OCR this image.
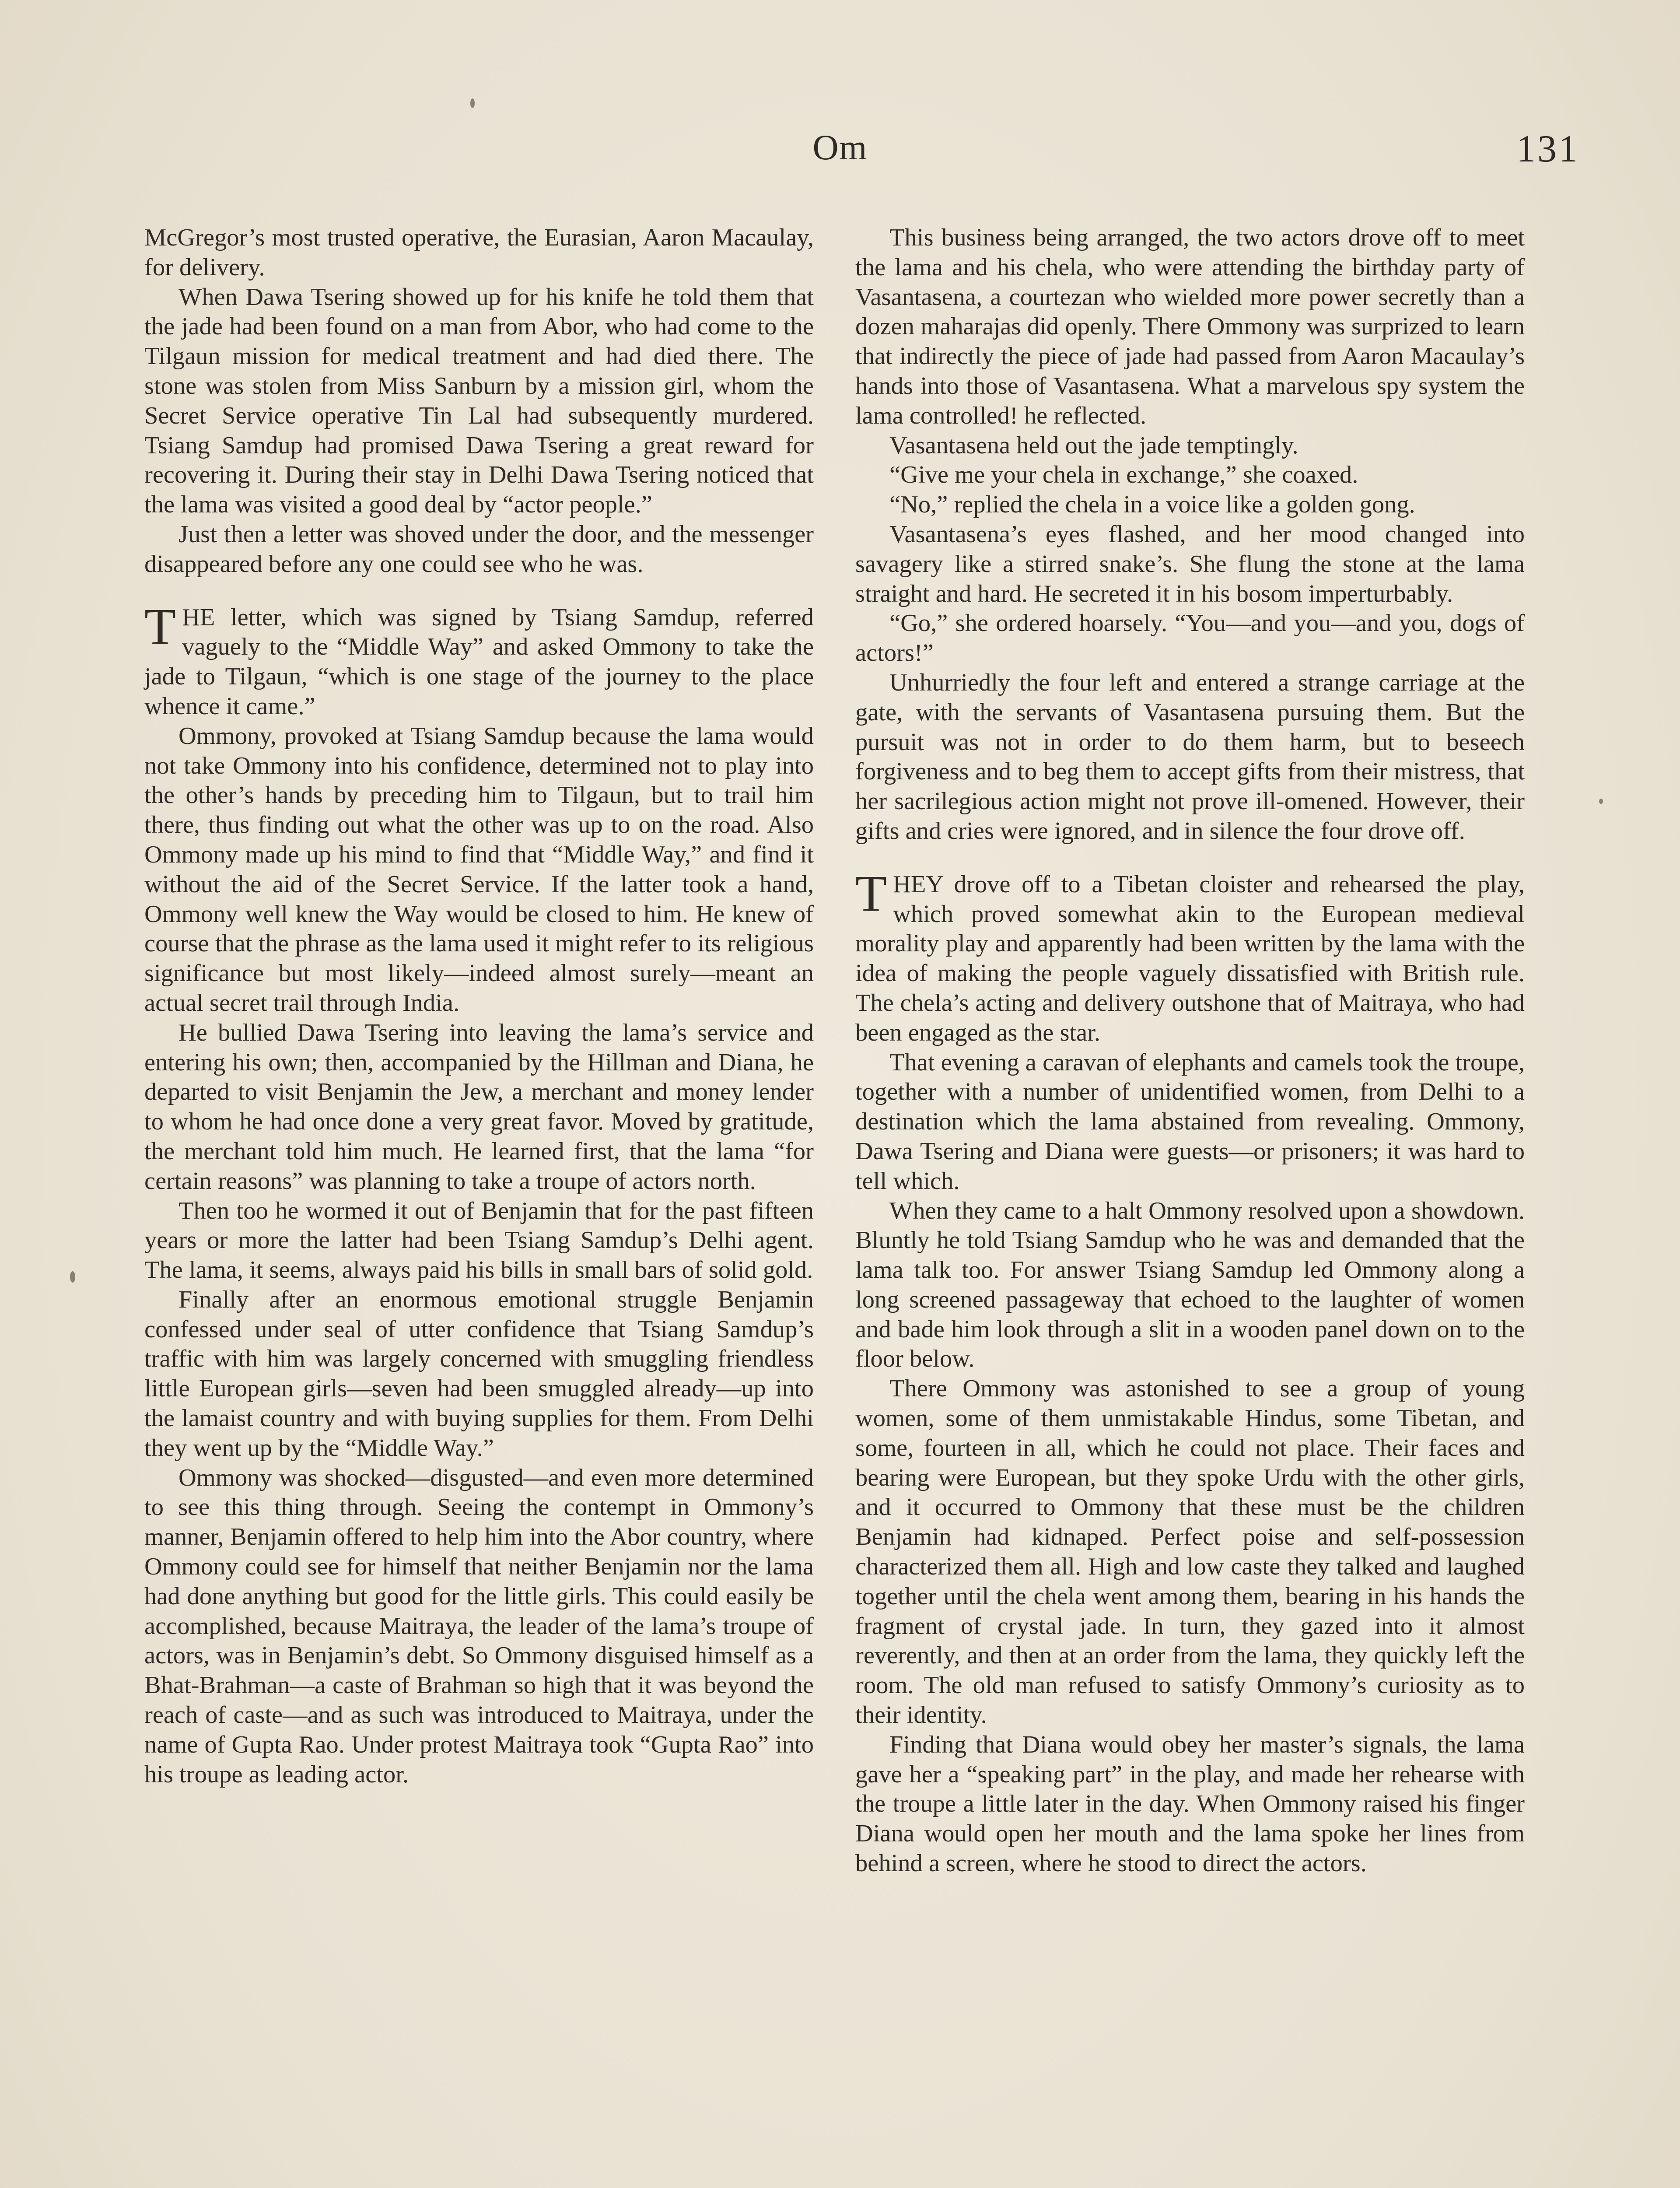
Om	131

McGregor’s most trusted operative, the Eurasian, Aaron Macaulay, for delivery.

When Dawa Tsering showed up for his knife he told them that the jade had been found on a man from Abor, who had come to the Tilgaun mission for medical treatment and had died there. The stone was stolen from Miss Sanburn by a mission girl, whom the Secret Service operative Tin Lal had subsequently murdered. Tsiang Samdup had promised Dawa Tsering a great reward for recovering it. During their stay in Delhi Dawa Tsering noticed that the lama was visited a good deal by “actor people.”

Just then a letter was shoved under the door, and the messenger disappeared before any one could see who he was.

THE letter, which was signed by Tsiang Samdup, referred vaguely to the “Middle Way” and asked Ommony to take the jade to Tilgaun, “which is one stage of the journey to the place whence it came.”

Ommony, provoked at Tsiang Samdup because the lama would not take Ommony into his confidence, determined not to play into the other’s hands by preceding him to Tilgaun, but to trail him there, thus finding out what the other was up to on the road. Also Ommony made up his mind to find that “Middle Way,” and find it without the aid of the Secret Service. If the latter took a hand, Ommony well knew the Way would be closed to him. He knew of course that the phrase as the lama used it might refer to its religious significance but most likely—indeed almost surely—meant an actual secret trail through India.

He bullied Dawa Tsering into leaving the lama’s service and entering his own; then, accompanied by the Hillman and Diana, he departed to visit Benjamin the Jew, a merchant and money lender to whom he had once done a very great favor. Moved by gratitude, the merchant told him much. He learned first, that the lama “for certain reasons” was planning to take a troupe of actors north.

Then too he wormed it out of Benjamin that for the past fifteen years or more the latter had been Tsiang Samdup’s Delhi agent. The lama, it seems, always paid his bills in small bars of solid gold.

Finally after an enormous emotional struggle Benjamin confessed under seal of utter confidence that Tsiang Samdup’s traffic with him was largely concerned with smuggling friendless little European girls—seven had been smuggled already—up into the lamaist country and with buying supplies for them. From Delhi they went up by the “Middle Way.”

Ommony was shocked—disgusted—and even more determined to see this thing through. Seeing the contempt in Ommony’s manner, Benjamin offered to help him into the Abor country, where Ommony could see for himself that neither Benjamin nor the lama had done anything but good for the little girls. This could easily be accomplished, because Maitraya, the leader of the lama’s troupe of actors, was in Benjamin’s debt. So Ommony disguised himself as a Bhat-Brahman—a caste of Brahman so high that it was beyond the reach of caste—and as such was introduced to Maitraya, under the name of Gupta Rao. Under protest Maitraya took “Gupta Rao” into his troupe as leading actor.

This business being arranged, the two actors drove off to meet the lama and his chela, who were attending the birthday party of Vasantasena, a courtezan who wielded more power secretly than a dozen maharajas did openly. There Ommony was surprized to learn that indirectly the piece of jade had passed from Aaron Macaulay’s hands into those of Vasantasena. What a marvelous spy system the lama controlled! he reflected.

Vasantasena held out the jade temptingly.

“Give me your chela in exchange,” she coaxed.

“No,” replied the chela in a voice like a golden gong.

Vasantasena’s eyes flashed, and her mood changed into savagery like a stirred snake’s. She flung the stone at the lama straight and hard. He secreted it in his bosom imperturbably.

“Go,” she ordered hoarsely. “You—and you—and you, dogs of actors!”

Unhurriedly the four left and entered a strange carriage at the gate, with the servants of Vasantasena pursuing them. But the pursuit was not in order to do them harm, but to beseech forgiveness and to beg them to accept gifts from their mistress, that her sacrilegious action might not prove ill-omened. However, their gifts and cries were ignored, and in silence the four drove off.

THEY drove off to a Tibetan cloister and rehearsed the play, which proved somewhat akin to the European medieval morality play and apparently had been written by the lama with the idea of making the people vaguely dissatisfied with British rule. The chela’s acting and delivery outshone that of Maitraya, who had been engaged as the star.

That evening a caravan of elephants and camels took the troupe, together with a number of unidentified women, from Delhi to a destination which the lama abstained from revealing. Ommony, Dawa Tsering and Diana were guests—or prisoners; it was hard to tell which.

When they came to a halt Ommony resolved upon a showdown. Bluntly he told Tsiang Samdup who he was and demanded that the lama talk too. For answer Tsiang Samdup led Ommony along a long screened passageway that echoed to the laughter of women and bade him look through a slit in a wooden panel down on to the floor below.

There Ommony was astonished to see a group of young women, some of them unmistakable Hindus, some Tibetan, and some, fourteen in all, which he could not place. Their faces and bearing were European, but they spoke Urdu with the other girls, and it occurred to Ommony that these must be the children Benjamin had kidnaped. Perfect poise and self-possession characterized them all. High and low caste they talked and laughed together until the chela went among them, bearing in his hands the fragment of crystal jade. In turn, they gazed into it almost reverently, and then at an order from the lama, they quickly left the room. The old man refused to satisfy Ommony’s curiosity as to their identity.

Finding that Diana would obey her master’s signals, the lama gave her a “speaking part” in the play, and made her rehearse with the troupe a little later in the day. When Ommony raised his finger Diana would open her mouth and the lama spoke her lines from behind a screen, where he stood to direct the actors.
